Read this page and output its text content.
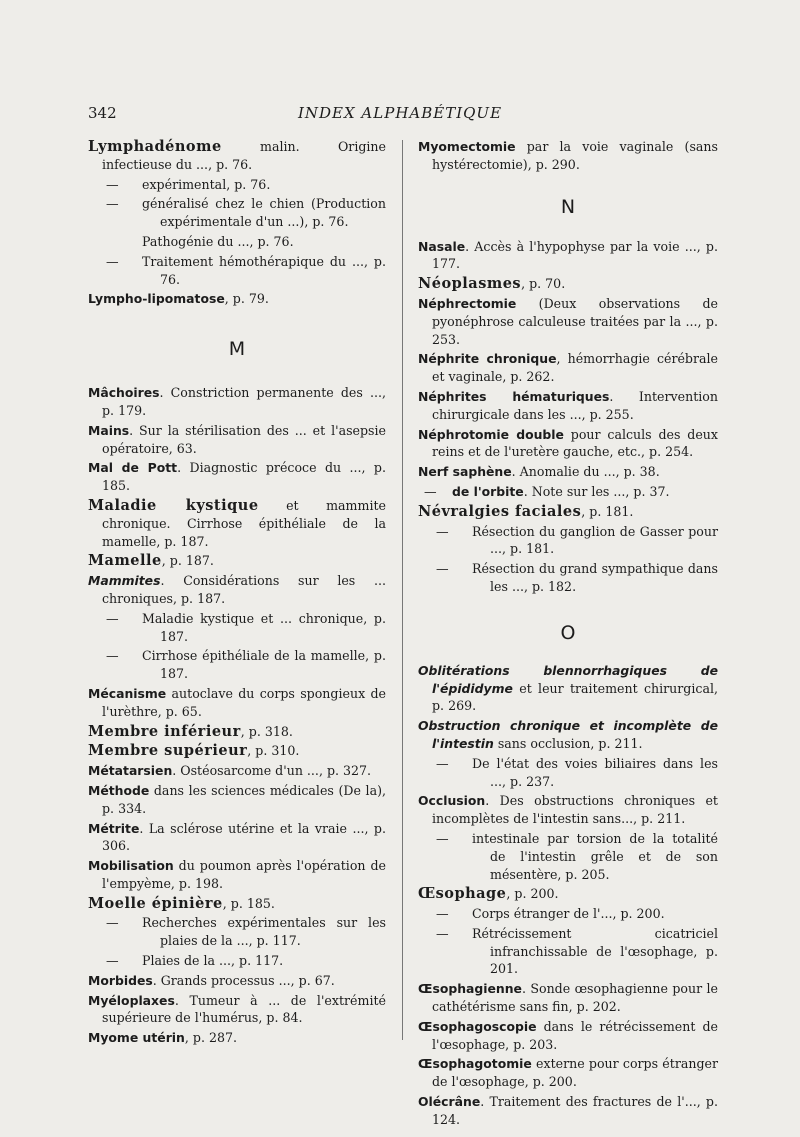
342	INDEX ALPHABÉTIQUE

Lymphadénome malin. Origine infectieuse du ..., p. 76.

— expérimental, p. 76.

— généralisé chez le chien (Production expérimentale d'un ...), p. 76.

Pathogénie du ..., p. 76.

— Traitement hémothérapique du ..., p. 76.

Lympho-lipomatose, p. 79.

M

Mâchoires. Constriction permanente des ..., p. 179.

Mains. Sur la stérilisation des ... et l'asepsie opératoire, 63.

Mal de Pott. Diagnostic précoce du ..., p. 185.

Maladie kystique et mammite chronique. Cirrhose épithéliale de la mamelle, p. 187.

Mamelle, p. 187.

Mammites. Considérations sur les ... chroniques, p. 187.

— Maladie kystique et ... chronique, p. 187.

— Cirrhose épithéliale de la mamelle, p. 187.

Mécanisme autoclave du corps spongieux de l'urèthre, p. 65.

Membre inférieur, p. 318.

Membre supérieur, p. 310.

Métatarsien. Ostéosarcome d'un ..., p. 327.

Méthode dans les sciences médicales (De la), p. 334.

Métrite. La sclérose utérine et la vraie ..., p. 306.

Mobilisation du poumon après l'opération de l'empyème, p. 198.

Moelle épinière, p. 185.

— Recherches expérimentales sur les plaies de la ..., p. 117.

— Plaies de la ..., p. 117.

Morbides. Grands processus ..., p. 67.

Myéloplaxes. Tumeur à ... de l'extrémité supérieure de l'humérus, p. 84.

Myome utérin, p. 287.

Myomectomie par la voie vaginale (sans hystérectomie), p. 290.

N

Nasale. Accès à l'hypophyse par la voie ..., p. 177.

Néoplasmes, p. 70.

Néphrectomie (Deux observations de pyonéphrose calculeuse traitées par la ..., p. 253.

Néphrite chronique, hémorrhagie cérébrale et vaginale, p. 262.

Néphrites hématuriques. Intervention chirurgicale dans les ..., p. 255.

Néphrotomie double pour calculs des deux reins et de l'uretère gauche, etc., p. 254.

Nerf saphène. Anomalie du ..., p. 38.

— de l'orbite. Note sur les ..., p. 37.

Névralgies faciales, p. 181.

— Résection du ganglion de Gasser pour ..., p. 181.

— Résection du grand sympathique dans les ..., p. 182.

O

Oblitérations blennorrhagiques de l'épididyme et leur traitement chirurgical, p. 269.

Obstruction chronique et incomplète de l'intestin sans occlusion, p. 211.

— De l'état des voies biliaires dans les ..., p. 237.

Occlusion. Des obstructions chroniques et incomplètes de l'intestin sans..., p. 211.

— intestinale par torsion de la totalité de l'intestin grêle et de son mésentère, p. 205.

Œsophage, p. 200.

— Corps étranger de l'..., p. 200.

— Rétrécissement cicatriciel infranchissable de l'œsophage, p. 201.

Œsophagienne. Sonde œsophagienne pour le cathétérisme sans fin, p. 202.

Œsophagoscopie dans le rétrécissement de l'œsophage, p. 203.

Œsophagotomie externe pour corps étranger de l'œsophage, p. 200.

Olécrâne. Traitement des fractures de l'..., p. 124.
